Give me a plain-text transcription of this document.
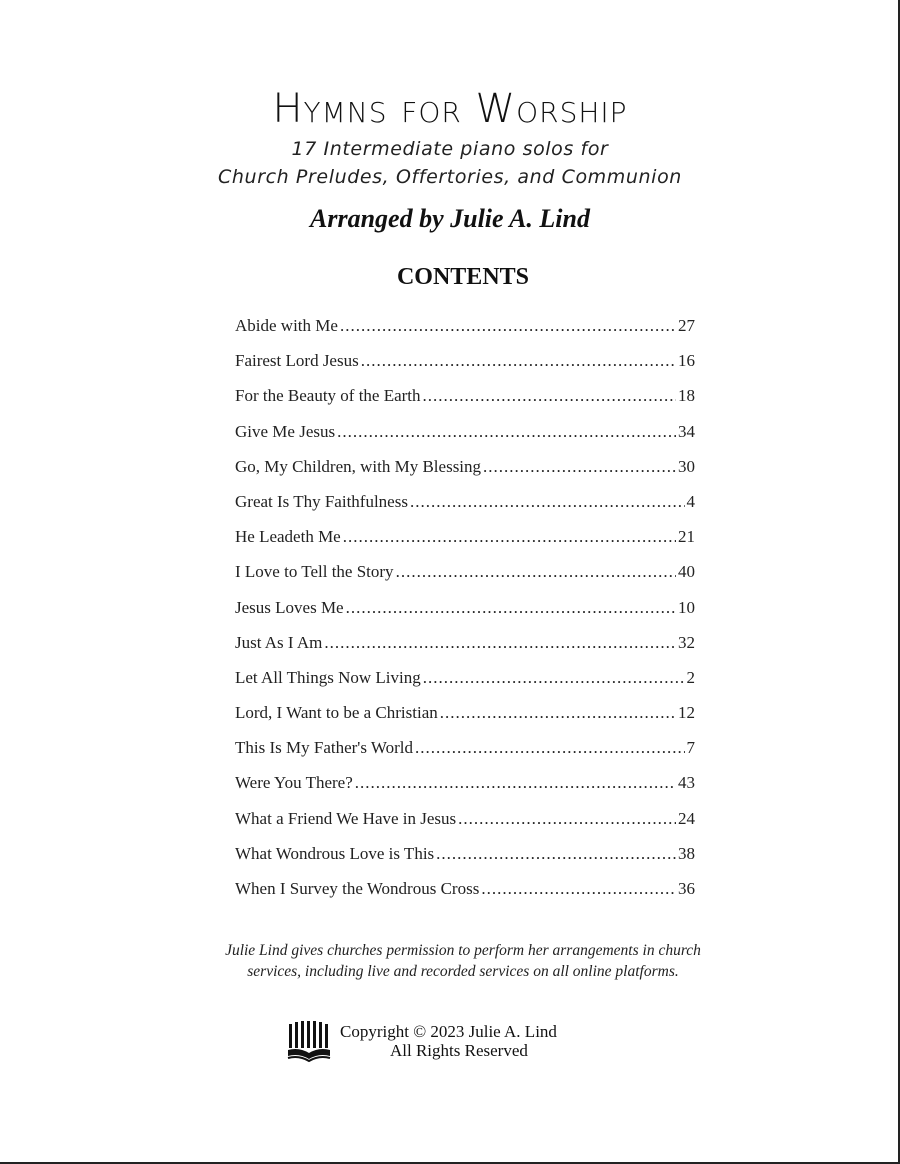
Hymns for Worship
17 Intermediate piano solos for
Church Preludes, Offertories, and Communion
Arranged by Julie A. Lind
CONTENTS
Abide with Me .....	27
Fairest Lord Jesus .....	16
For the Beauty of the Earth .....	18
Give Me Jesus .....	34
Go, My Children, with My Blessing .....	30
Great Is Thy Faithfulness .....	4
He Leadeth Me .....	21
I Love to Tell the Story .....	40
Jesus Loves Me .....	10
Just As I Am .....	32
Let All Things Now Living .....	2
Lord, I Want to be a Christian .....	12
This Is My Father's World .....	7
Were You There? .....	43
What a Friend We Have in Jesus .....	24
What Wondrous Love is This .....	38
When I Survey the Wondrous Cross .....	36
Julie Lind gives churches permission to perform her arrangements in church
services, including live and recorded services on all online platforms.
Copyright © 2023 Julie A. Lind
All Rights Reserved
